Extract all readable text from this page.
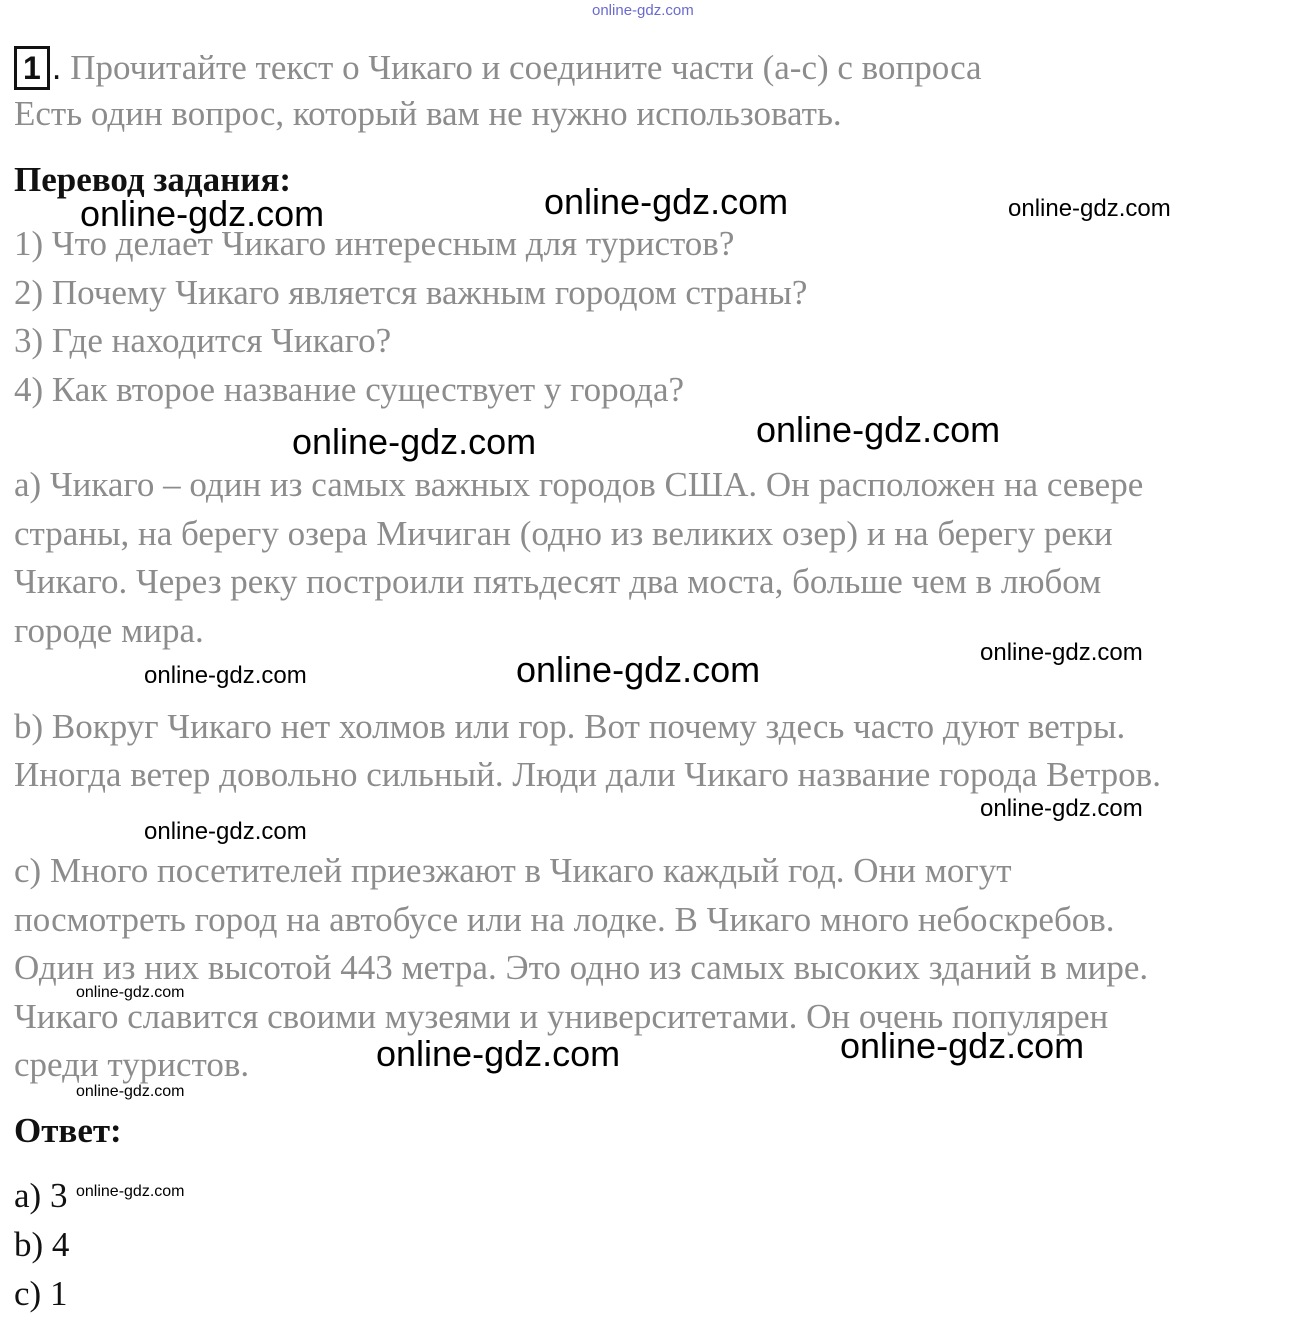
online-gdz.com
1 . Прочитайте текст о Чикаго и соедините части (a-c) с вопроса
Есть один вопрос, который вам не нужно использовать.
Перевод задания:
1) Что делает Чикаго интересным для туристов?
2) Почему Чикаго является важным городом страны?
3) Где находится Чикаго?
4) Как второе название существует у города?
a) Чикаго – один из самых важных городов США. Он расположен на севере
страны, на берегу озера Мичиган (одно из великих озер) и на берегу реки
Чикаго. Через реку построили пятьдесят два моста, больше чем в любом
городе мира.
b) Вокруг Чикаго нет холмов или гор. Вот почему здесь часто дуют ветры.
Иногда ветер довольно сильный. Люди дали Чикаго название города Ветров.
c) Много посетителей приезжают в Чикаго каждый год. Они могут
посмотреть город на автобусе или на лодке. В Чикаго много небоскребов.
Один из них высотой 443 метра. Это одно из самых высоких зданий в мире.
Чикаго славится своими музеями и университетами. Он очень популярен
среди туристов.
Ответ:
a) 3
b) 4
c) 1
online-gdz.com	online-gdz.com	online-gdz.com
online-gdz.com	online-gdz.com
online-gdz.com	online-gdz.com	online-gdz.com
online-gdz.com
online-gdz.com
online-gdz.com
online-gdz.com	online-gdz.com
online-gdz.com
online-gdz.com
